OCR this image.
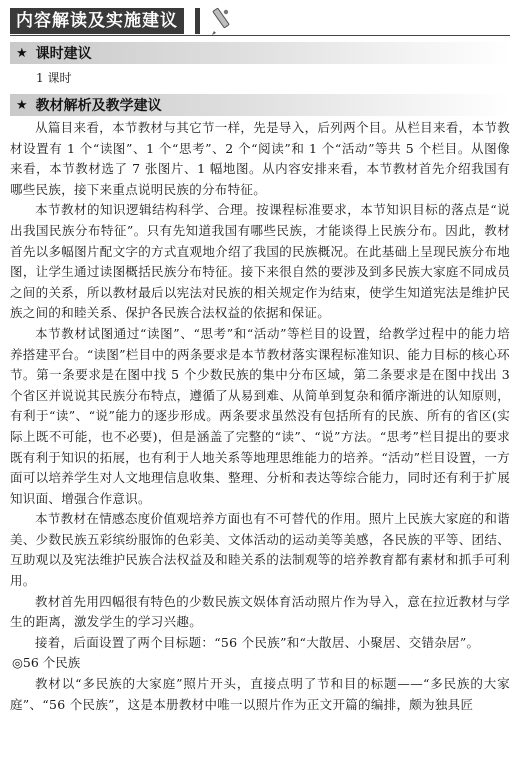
内容解读及实施建议
★ 课时建议
1 课时
★ 教材解析及教学建议

从篇目来看，本节教材与其它节一样，先是导入，后列两个目。从栏目来看，本节教材设置有 1 个“读图”、1 个“思考”、2 个“阅读”和 1 个“活动”等共 5 个栏目。从图像来看，本节教材选了 7 张图片、1 幅地图。从内容安排来看，本节教材首先介绍我国有哪些民族，接下来重点说明民族的分布特征。

本节教材的知识逻辑结构科学、合理。按课程标准要求，本节知识目标的落点是“说出我国民族分布特征”。只有先知道我国有哪些民族，才能谈得上民族分布。因此，教材首先以多幅图片配文字的方式直观地介绍了我国的民族概况。在此基础上呈现民族分布地图，让学生通过读图概括民族分布特征。接下来很自然的要涉及到多民族大家庭不同成员之间的关系，所以教材最后以宪法对民族的相关规定作为结束，使学生知道宪法是维护民族之间的和睦关系、保护各民族合法权益的依据和保证。

本节教材试图通过“读图”、“思考”和“活动”等栏目的设置，给教学过程中的能力培养搭建平台。“读图”栏目中的两条要求是本节教材落实课程标准知识、能力目标的核心环节。第一条要求是在图中找 5 个少数民族的集中分布区域，第二条要求是在图中找出 3 个省区并说说其民族分布特点，遵循了从易到难、从简单到复杂和循序渐进的认知原则，有利于“读”、“说”能力的逐步形成。两条要求虽然没有包括所有的民族、所有的省区(实际上既不可能，也不必要)，但是涵盖了完整的“读”、“说”方法。“思考”栏目提出的要求既有利于知识的拓展，也有利于人地关系等地理思维能力的培养。“活动”栏目设置，一方面可以培养学生对人文地理信息收集、整理、分析和表达等综合能力，同时还有利于扩展知识面、增强合作意识。

本节教材在情感态度价值观培养方面也有不可替代的作用。照片上民族大家庭的和谐美、少数民族五彩缤纷服饰的色彩美、文体活动的运动美等美感，各民族的平等、团结、互助观以及宪法维护民族合法权益及和睦关系的法制观等的培养教育都有素材和抓手可利用。

教材首先用四幅很有特色的少数民族文娱体育活动照片作为导入，意在拉近教材与学生的距离，激发学生的学习兴趣。

接着，后面设置了两个目标题：“56 个民族”和“大散居、小聚居、交错杂居”。

◎56 个民族

教材以“多民族的大家庭”照片开头，直接点明了节和目的标题——“多民族的大家庭”、“56 个民族”，这是本册教材中唯一以照片作为正文开篇的编排，颇为独具匠
